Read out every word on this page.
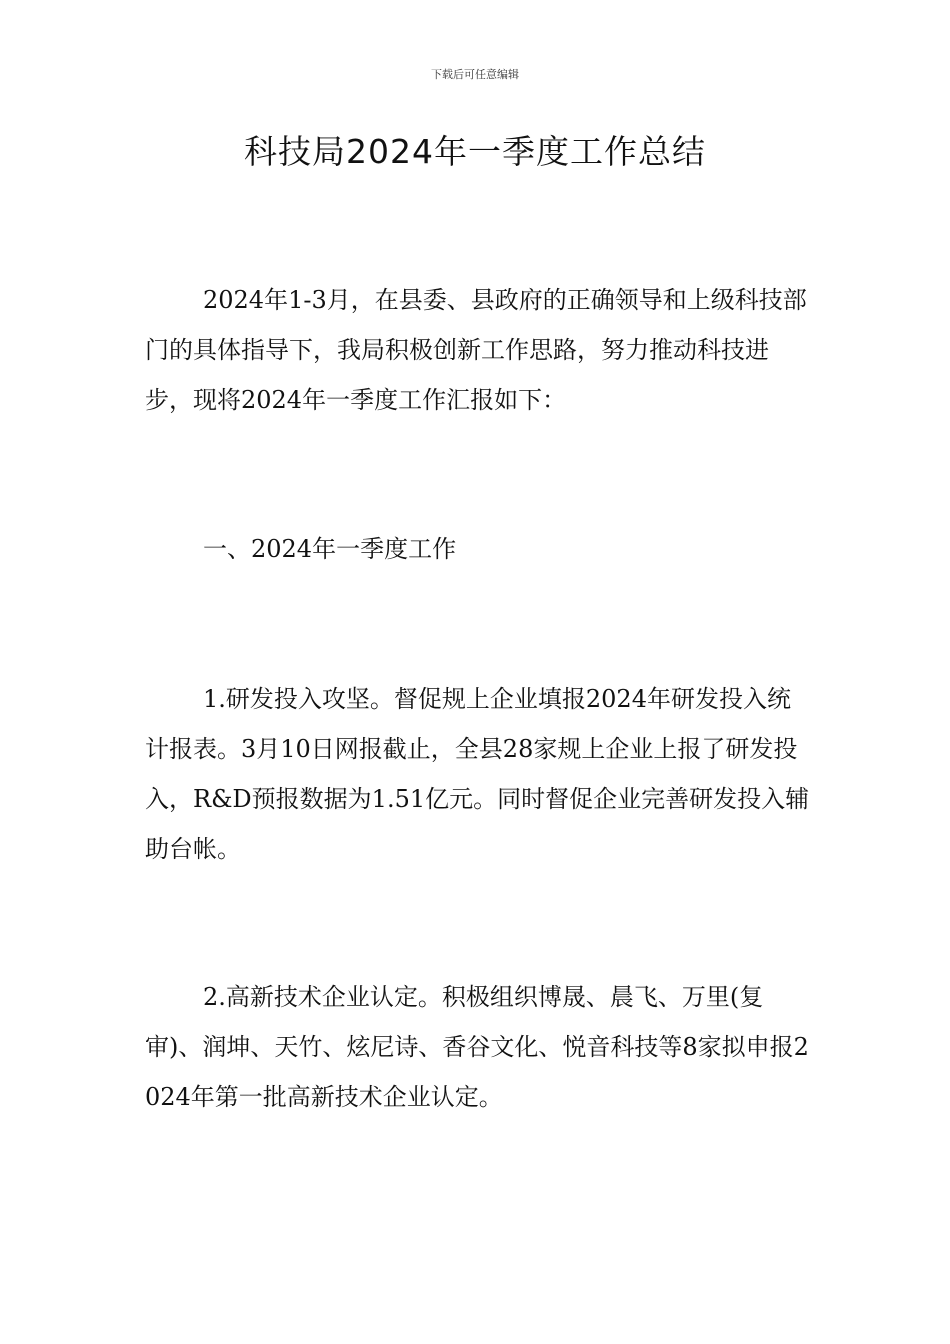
下载后可任意编辑
科技局2024年一季度工作总结

2024年1-3月，在县委、县政府的正确领导和上级科技部门的具体指导下，我局积极创新工作思路，努力推动科技进步，现将2024年一季度工作汇报如下：

一、2024年一季度工作

1.研发投入攻坚。督促规上企业填报2024年研发投入统计报表。3月10日网报截止，全县28家规上企业上报了研发投入，R&D预报数据为1.51亿元。同时督促企业完善研发投入辅助台帐。

2.高新技术企业认定。积极组织博晟、晨飞、万里(复审)、润坤、天竹、炫尼诗、香谷文化、悦音科技等8家拟申报2024年第一批高新技术企业认定。
